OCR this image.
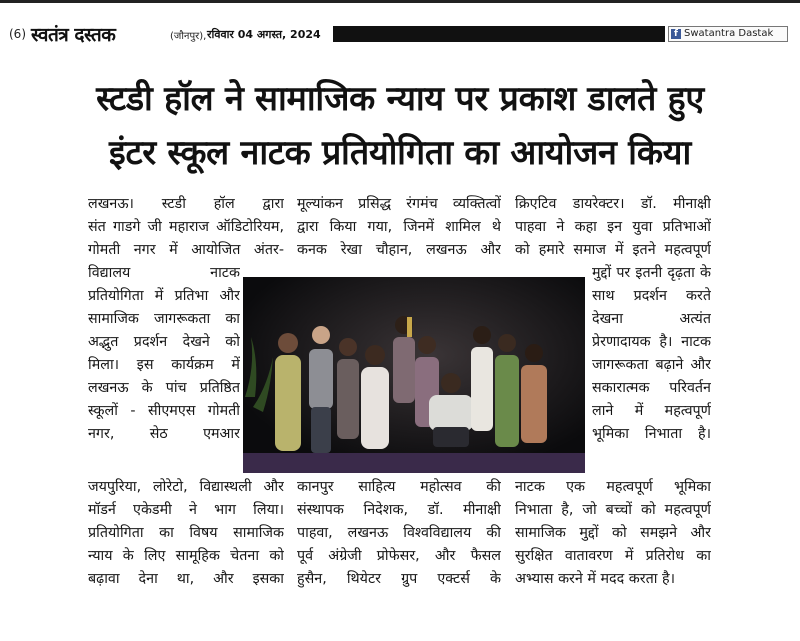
(6) स्वतंत्र दस्तक	(जौनपुर), रविवार 04 अगस्त, 2024	f Swatantra Dastak
स्टडी हॉल ने सामाजिक न्याय पर प्रकाश डालते हुए
इंटर स्कूल नाटक प्रतियोगिता का आयोजन किया
लखनऊ। स्टडी हॉल द्वारा
संत गाडगे जी महाराज ऑडिटोरियम,
गोमती नगर में आयोजित अंतर-
विद्यालय नाटक
प्रतियोगिता में प्रतिभा और
सामाजिक जागरूकता का
अद्भुत प्रदर्शन देखने को
मिला। इस कार्यक्रम में
लखनऊ के पांच प्रतिष्ठित
स्कूलों - सीएमएस गोमती
नगर, सेठ एमआर
जयपुरिया, लोरेटो, विद्यास्थली और
मॉडर्न एकेडमी ने भाग लिया।
प्रतियोगिता का विषय सामाजिक
न्याय के लिए सामूहिक चेतना को
बढ़ावा देना था, और इसका
मूल्यांकन प्रसिद्ध रंगमंच व्यक्तित्वों
द्वारा किया गया, जिनमें शामिल थे
कनक रेखा चौहान, लखनऊ और
कानपुर साहित्य महोत्सव की
संस्थापक निदेशक, डॉ. मीनाक्षी
पाहवा, लखनऊ विश्वविद्यालय की
पूर्व अंग्रेजी प्रोफेसर, और फैसल
हुसैन, थियेटर ग्रुप एक्टर्स के
क्रिएटिव डायरेक्टर। डॉ. मीनाक्षी
पाहवा ने कहा इन युवा प्रतिभाओं
को हमारे समाज में इतने महत्वपूर्ण
मुद्दों पर इतनी दृढ़ता के
साथ प्रदर्शन करते
देखना अत्यंत
प्रेरणादायक है। नाटक
जागरूकता बढ़ाने और
सकारात्मक परिवर्तन
लाने में महत्वपूर्ण
भूमिका निभाता है।
नाटक एक महत्वपूर्ण भूमिका
निभाता है, जो बच्चों को महत्वपूर्ण
सामाजिक मुद्दों को समझने और
सुरक्षित वातावरण में प्रतिरोध का
अभ्यास करने में मदद करता है।
